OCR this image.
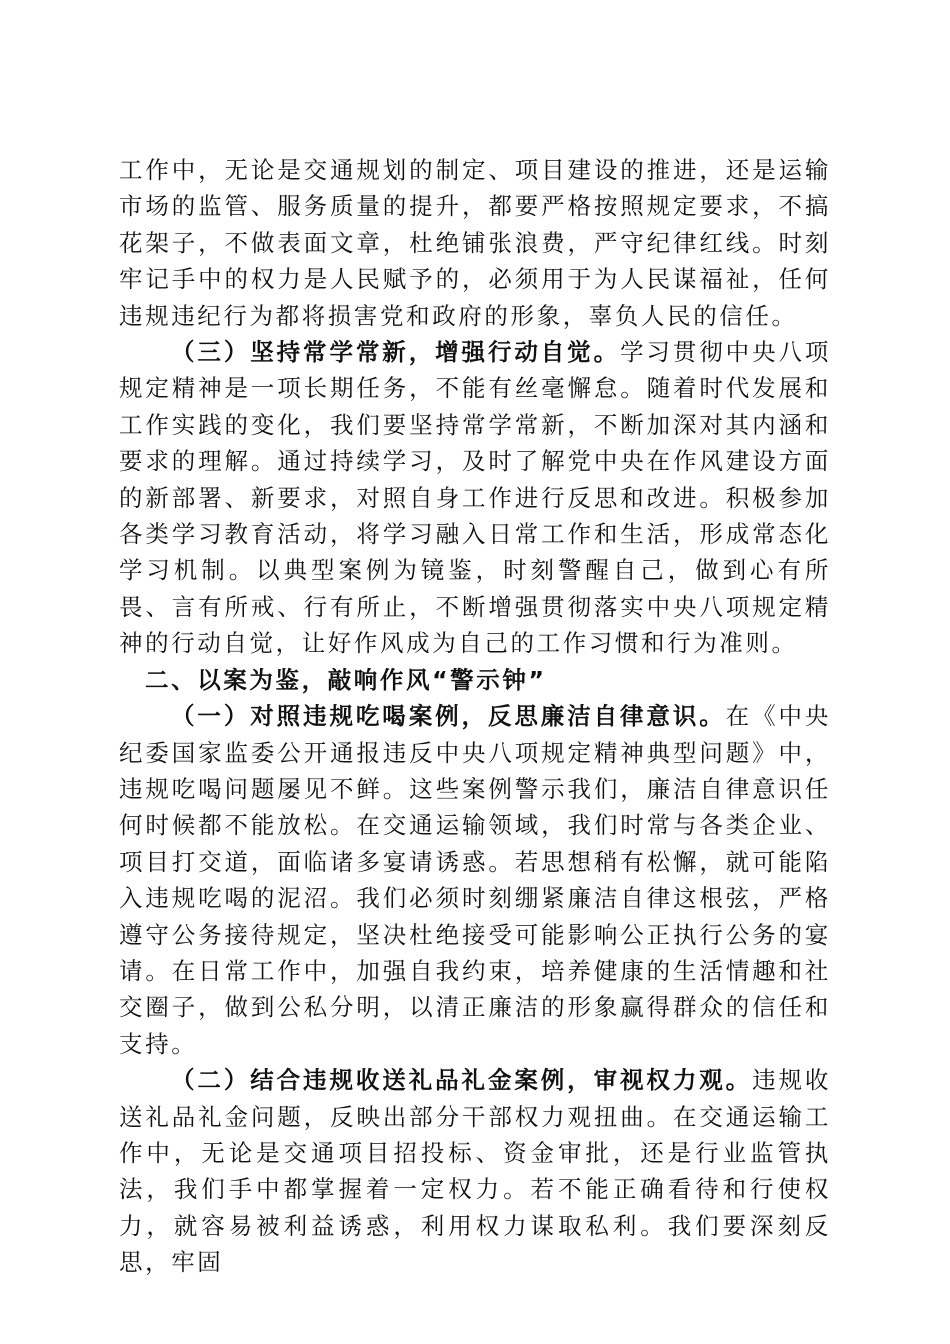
工作中，无论是交通规划的制定、项目建设的推进，还是运输市场的监管、服务质量的提升，都要严格按照规定要求，不搞花架子，不做表面文章，杜绝铺张浪费，严守纪律红线。时刻牢记手中的权力是人民赋予的，必须用于为人民谋福祉，任何违规违纪行为都将损害党和政府的形象，辜负人民的信任。

（三）坚持常学常新，增强行动自觉。学习贯彻中央八项规定精神是一项长期任务，不能有丝毫懈怠。随着时代发展和工作实践的变化，我们要坚持常学常新，不断加深对其内涵和要求的理解。通过持续学习，及时了解党中央在作风建设方面的新部署、新要求，对照自身工作进行反思和改进。积极参加各类学习教育活动，将学习融入日常工作和生活，形成常态化学习机制。以典型案例为镜鉴，时刻警醒自己，做到心有所畏、言有所戒、行有所止，不断增强贯彻落实中央八项规定精神的行动自觉，让好作风成为自己的工作习惯和行为准则。

二、以案为鉴，敲响作风“警示钟”

（一）对照违规吃喝案例，反思廉洁自律意识。在《中央纪委国家监委公开通报违反中央八项规定精神典型问题》中，违规吃喝问题屡见不鲜。这些案例警示我们，廉洁自律意识任何时候都不能放松。在交通运输领域，我们时常与各类企业、项目打交道，面临诸多宴请诱惑。若思想稍有松懈，就可能陷入违规吃喝的泥沼。我们必须时刻绷紧廉洁自律这根弦，严格遵守公务接待规定，坚决杜绝接受可能影响公正执行公务的宴请。在日常工作中，加强自我约束，培养健康的生活情趣和社交圈子，做到公私分明，以清正廉洁的形象赢得群众的信任和支持。

（二）结合违规收送礼品礼金案例，审视权力观。违规收送礼品礼金问题，反映出部分干部权力观扭曲。在交通运输工作中，无论是交通项目招投标、资金审批，还是行业监管执法，我们手中都掌握着一定权力。若不能正确看待和行使权力，就容易被利益诱惑，利用权力谋取私利。我们要深刻反思，牢固
